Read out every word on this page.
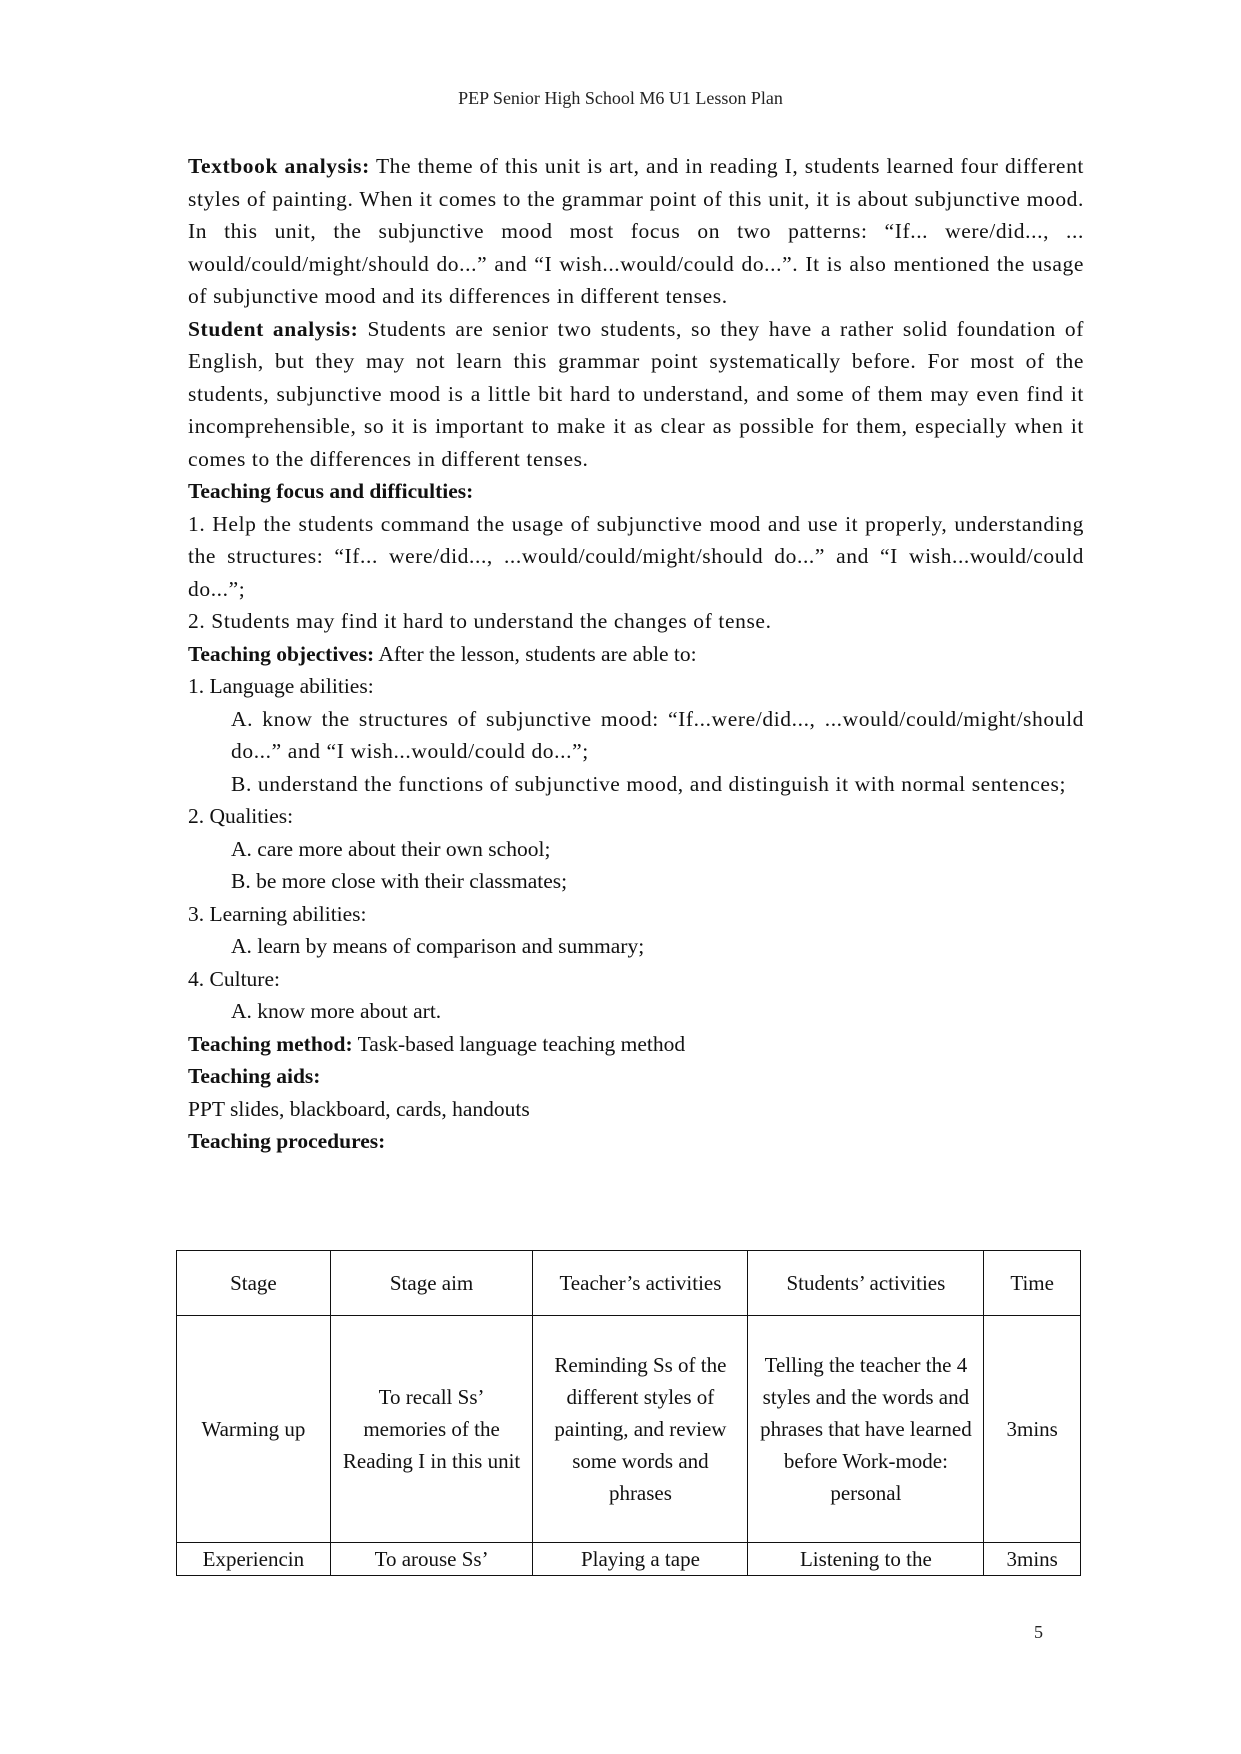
PEP Senior High School M6 U1 Lesson Plan

Textbook analysis: The theme of this unit is art, and in reading I, students learned four different styles of painting. When it comes to the grammar point of this unit, it is about subjunctive mood. In this unit, the subjunctive mood most focus on two patterns: “If... were/did..., ... would/could/might/should do...” and “I wish...would/could do...”. It is also mentioned the usage of subjunctive mood and its differences in different tenses.

Student analysis: Students are senior two students, so they have a rather solid foundation of English, but they may not learn this grammar point systematically before. For most of the students, subjunctive mood is a little bit hard to understand, and some of them may even find it incomprehensible, so it is important to make it as clear as possible for them, especially when it comes to the differences in different tenses.

Teaching focus and difficulties:

1. Help the students command the usage of subjunctive mood and use it properly, understanding the structures: “If... were/did..., ...would/could/might/should do...” and “I wish...would/could do...”;

2. Students may find it hard to understand the changes of tense.

Teaching objectives: After the lesson, students are able to:

1. Language abilities:

A. know the structures of subjunctive mood: “If...were/did..., ...would/could/might/should do...” and “I wish...would/could do...”;

B. understand the functions of subjunctive mood, and distinguish it with normal sentences;

2. Qualities:

A. care more about their own school;

B. be more close with their classmates;

3. Learning abilities:

A. learn by means of comparison and summary;

4. Culture:

A. know more about art.

Teaching method: Task-based language teaching method

Teaching aids:

PPT slides, blackboard, cards, handouts

Teaching procedures:

Stage	Stage aim	Teacher’s activities	Students’ activities	Time
Warming up	To recall Ss’ memories of the Reading I in this unit	Reminding Ss of the different styles of painting, and review some words and phrases	Telling the teacher the 4 styles and the words and phrases that have learned before Work-mode: personal	3mins
Experiencin	To arouse Ss’	Playing a tape	Listening to the	3mins
5
